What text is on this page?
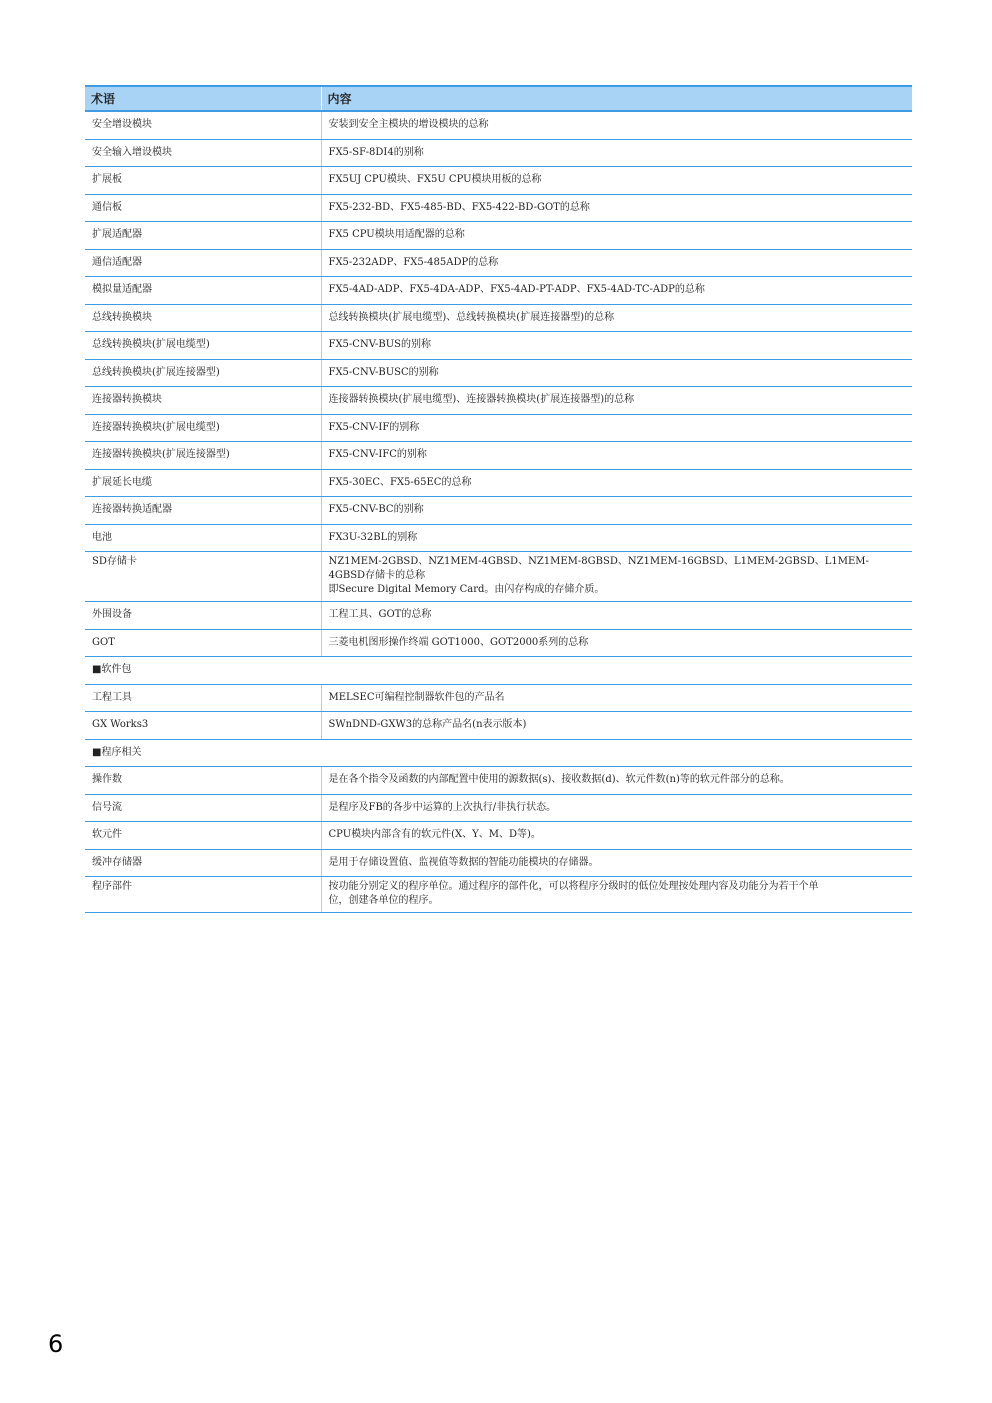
术语	内容
安全增设模块	安装到安全主模块的增设模块的总称
安全输入增设模块	FX5-SF-8DI4的别称
扩展板	FX5UJ CPU模块、FX5U CPU模块用板的总称
通信板	FX5-232-BD、FX5-485-BD、FX5-422-BD-GOT的总称
扩展适配器	FX5 CPU模块用适配器的总称
通信适配器	FX5-232ADP、FX5-485ADP的总称
模拟量适配器	FX5-4AD-ADP、FX5-4DA-ADP、FX5-4AD-PT-ADP、FX5-4AD-TC-ADP的总称
总线转换模块	总线转换模块(扩展电缆型)、总线转换模块(扩展连接器型)的总称
总线转换模块(扩展电缆型)	FX5-CNV-BUS的别称
总线转换模块(扩展连接器型)	FX5-CNV-BUSC的别称
连接器转换模块	连接器转换模块(扩展电缆型)、连接器转换模块(扩展连接器型)的总称
连接器转换模块(扩展电缆型)	FX5-CNV-IF的别称
连接器转换模块(扩展连接器型)	FX5-CNV-IFC的别称
扩展延长电缆	FX5-30EC、FX5-65EC的总称
连接器转换适配器	FX5-CNV-BC的别称
电池	FX3U-32BL的别称
SD存储卡	NZ1MEM-2GBSD、NZ1MEM-4GBSD、NZ1MEM-8GBSD、NZ1MEM-16GBSD、L1MEM-2GBSD、L1MEM-4GBSD存储卡的总称
即Secure Digital Memory Card。由闪存构成的存储介质。

外围设备	工程工具、GOT的总称
GOT	三菱电机图形操作终端 GOT1000、GOT2000系列的总称
■软件包	
工程工具	MELSEC可编程控制器软件包的产品名
GX Works3	SWnDND-GXW3的总称产品名(n表示版本)
■程序相关	
操作数	是在各个指令及函数的内部配置中使用的源数据(s)、接收数据(d)、软元件数(n)等的软元件部分的总称。
信号流	是程序及FB的各步中运算的上次执行/非执行状态。
软元件	CPU模块内部含有的软元件(X、Y、M、D等)。
缓冲存储器	是用于存储设置值、监视值等数据的智能功能模块的存储器。
程序部件	按功能分别定义的程序单位。通过程序的部件化，可以将程序分级时的低位处理按处理内容及功能分为若干个单
位，创建各单位的程序。
6
